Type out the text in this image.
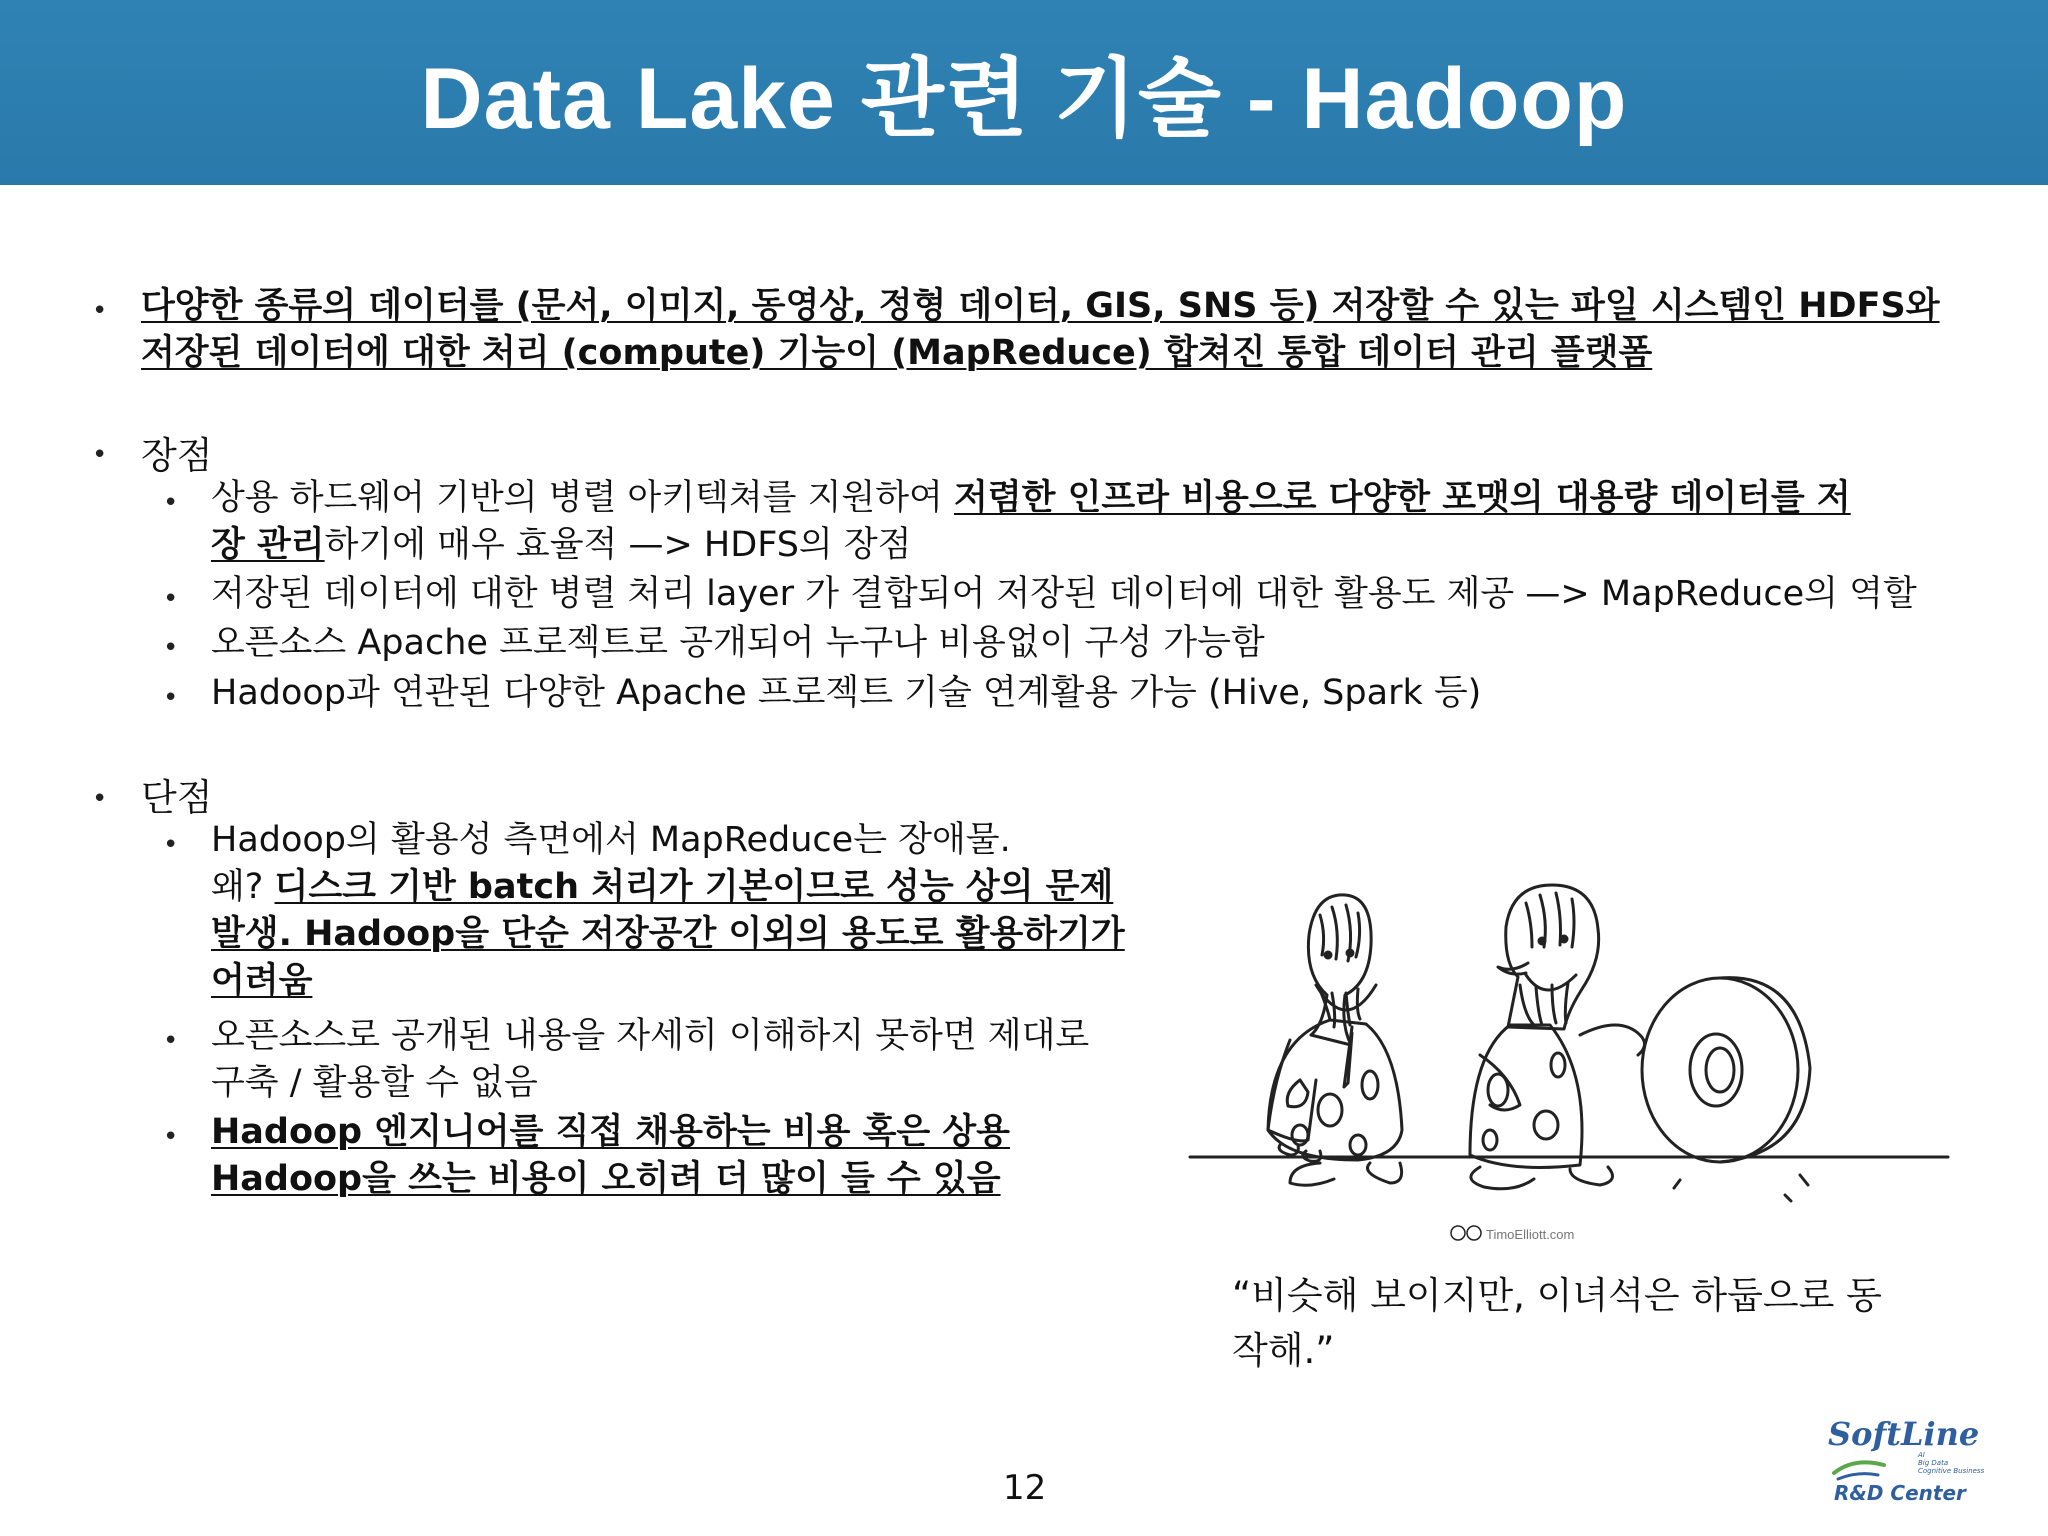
Data Lake 관련 기술 - Hadoop
• 다양한 종류의 데이터를 (문서, 이미지, 동영상, 정형 데이터, GIS, SNS 등) 저장할 수 있는 파일 시스템인 HDFS와
저장된 데이터에 대한 처리 (compute) 기능이 (MapReduce) 합쳐진 통합 데이터 관리 플랫폼
• 장점
• 상용 하드웨어 기반의 병렬 아키텍쳐를 지원하여 저렴한 인프라 비용으로 다양한 포맷의 대용량 데이터를 저
장 관리하기에 매우 효율적 —> HDFS의 장점
• 저장된 데이터에 대한 병렬 처리 layer 가 결합되어 저장된 데이터에 대한 활용도 제공 —> MapReduce의 역할
• 오픈소스 Apache 프로젝트로 공개되어 누구나 비용없이 구성 가능함
• Hadoop과 연관된 다양한 Apache 프로젝트 기술 연계활용 가능 (Hive, Spark 등)
• 단점
• Hadoop의 활용성 측면에서 MapReduce는 장애물.
왜? 디스크 기반 batch 처리가 기본이므로 성능 상의 문제
발생. Hadoop을 단순 저장공간 이외의 용도로 활용하기가
어려움
• 오픈소스로 공개된 내용을 자세히 이해하지 못하면 제대로
구축 / 활용할 수 없음
• Hadoop 엔지니어를 직접 채용하는 비용 혹은 상용
Hadoop을 쓰는 비용이 오히려 더 많이 들 수 있음
TimoElliott.com
“비슷해 보이지만, 이녀석은 하둡으로 동
작해.”
12
SoftLine
AI
Big Data
Cognitive Business
R&D Center
